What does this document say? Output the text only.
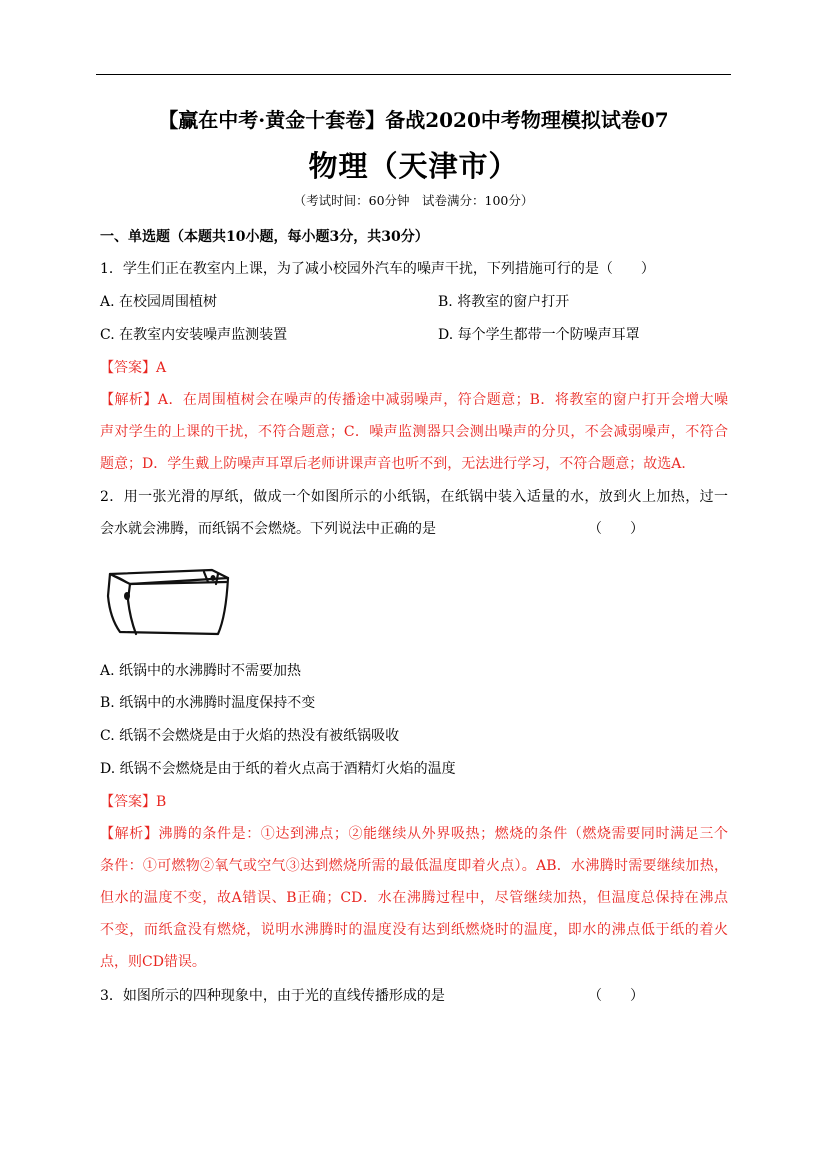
【赢在中考·黄金十套卷】备战2020中考物理模拟试卷07
物理（天津市）
（考试时间：60分钟　试卷满分：100分）
一、单选题（本题共10小题，每小题3分，共30分）
1．学生们正在教室内上课，为了减小校园外汽车的噪声干扰，下列措施可行的是（　　）
A. 在校园周围植树	B. 将教室的窗户打开
C. 在教室内安装噪声监测装置	D. 每个学生都带一个防噪声耳罩
【答案】A
【解析】A．在周围植树会在噪声的传播途中减弱噪声，符合题意；B．将教室的窗户打开会增大噪
声对学生的上课的干扰，不符合题意；C．噪声监测器只会测出噪声的分贝，不会减弱噪声，不符合
题意；D．学生戴上防噪声耳罩后老师讲课声音也听不到，无法进行学习，不符合题意；故选A．
2．用一张光滑的厚纸，做成一个如图所示的小纸锅，在纸锅中装入适量的水，放到火上加热，过一
会水就会沸腾，而纸锅不会燃烧。下列说法中正确的是	（　　）
A. 纸锅中的水沸腾时不需要加热
B. 纸锅中的水沸腾时温度保持不变
C. 纸锅不会燃烧是由于火焰的热没有被纸锅吸收
D. 纸锅不会燃烧是由于纸的着火点高于酒精灯火焰的温度
【答案】B
【解析】沸腾的条件是：①达到沸点；②能继续从外界吸热；燃烧的条件（燃烧需要同时满足三个
条件：①可燃物②氧气或空气③达到燃烧所需的最低温度即着火点）。AB．水沸腾时需要继续加热，
但水的温度不变，故A错误、B正确；CD．水在沸腾过程中，尽管继续加热，但温度总保持在沸点
不变，而纸盒没有燃烧，说明水沸腾时的温度没有达到纸燃烧时的温度，即水的沸点低于纸的着火
点，则CD错误。
3．如图所示的四种现象中，由于光的直线传播形成的是	（　　）
